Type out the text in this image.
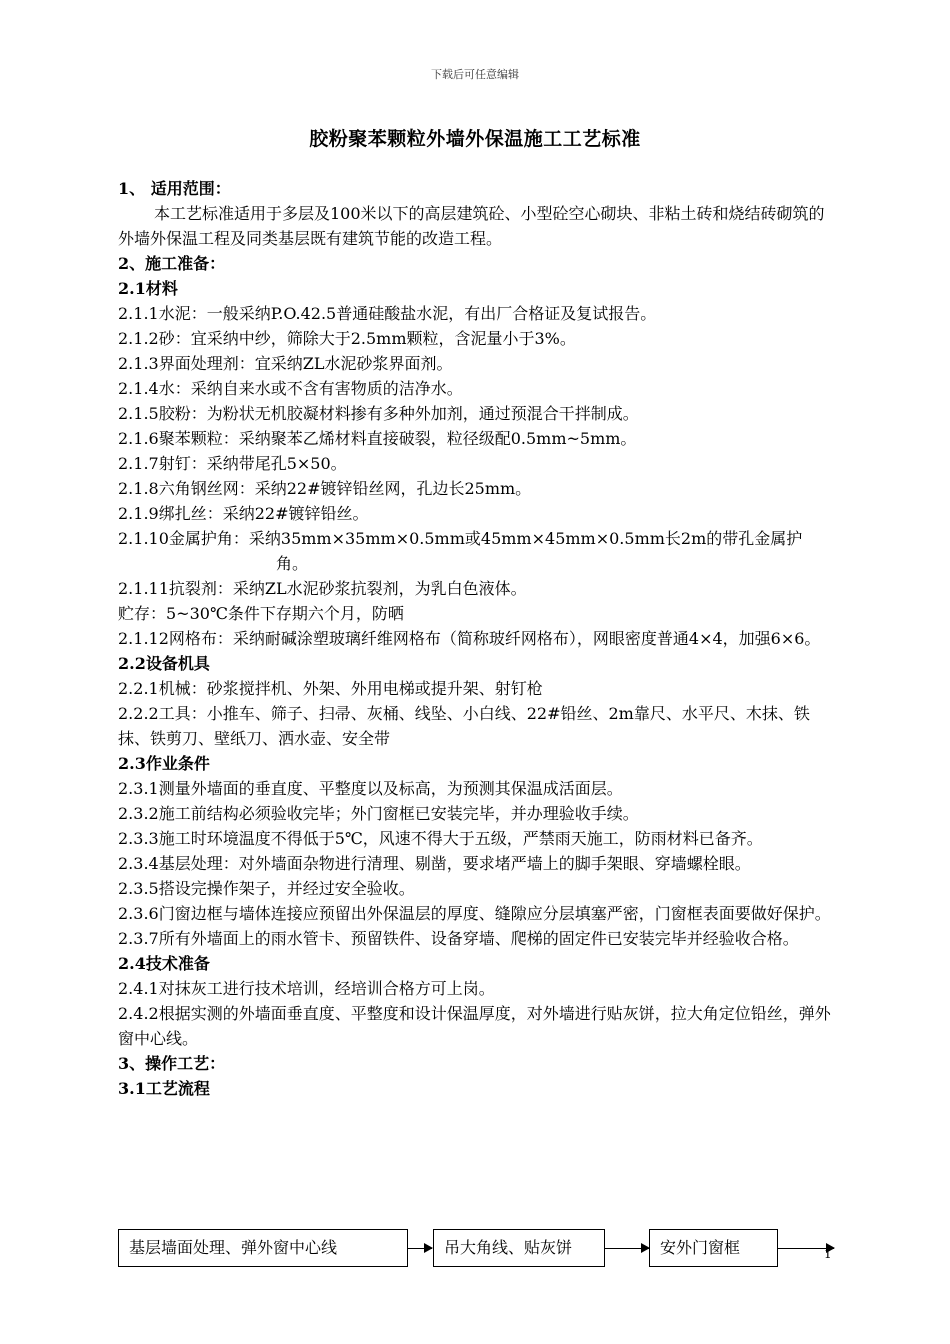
下载后可任意编辑
胶粉聚苯颗粒外墙外保温施工工艺标准

1、 适用范围：

本工艺标准适用于多层及100米以下的高层建筑砼、小型砼空心砌块、非粘土砖和烧结砖砌筑的外墙外保温工程及同类基层既有建筑节能的改造工程。

2、施工准备：

2.1材料

2.1.1水泥：一般采纳P.O.42.5普通硅酸盐水泥，有出厂合格证及复试报告。

2.1.2砂：宜采纳中纱，筛除大于2.5mm颗粒，含泥量小于3%。

2.1.3界面处理剂：宜采纳ZL水泥砂浆界面剂。

2.1.4水：采纳自来水或不含有害物质的洁净水。

2.1.5胶粉：为粉状无机胶凝材料掺有多种外加剂，通过预混合干拌制成。

2.1.6聚苯颗粒：采纳聚苯乙烯材料直接破裂，粒径级配0.5mm~5mm。

2.1.7射钉：采纳带尾孔5×50。

2.1.8六角钢丝网：采纳22#镀锌铅丝网，孔边长25mm。

2.1.9绑扎丝：采纳22#镀锌铅丝。

2.1.10金属护角：采纳35mm×35mm×0.5mm或45mm×45mm×0.5mm长2m的带孔金属护角。

2.1.11抗裂剂：采纳ZL水泥砂浆抗裂剂，为乳白色液体。

贮存：5~30℃条件下存期六个月，防晒

2.1.12网格布：采纳耐碱涂塑玻璃纤维网格布（简称玻纤网格布），网眼密度普通4×4，加强6×6。

2.2设备机具

2.2.1机械：砂浆搅拌机、外架、外用电梯或提升架、射钉枪

2.2.2工具：小推车、筛子、扫帚、灰桶、线坠、小白线、22#铅丝、2m靠尺、水平尺、木抹、铁抹、铁剪刀、壁纸刀、洒水壶、安全带

2.3作业条件

2.3.1测量外墙面的垂直度、平整度以及标高，为预测其保温成活面层。

2.3.2施工前结构必须验收完毕；外门窗框已安装完毕，并办理验收手续。

2.3.3施工时环境温度不得低于5℃，风速不得大于五级，严禁雨天施工，防雨材料已备齐。

2.3.4基层处理：对外墙面杂物进行清理、剔凿，要求堵严墙上的脚手架眼、穿墙螺栓眼。

2.3.5搭设完操作架子，并经过安全验收。

2.3.6门窗边框与墙体连接应预留出外保温层的厚度、缝隙应分层填塞严密，门窗框表面要做好保护。

2.3.7所有外墙面上的雨水管卡、预留铁件、设备穿墙、爬梯的固定件已安装完毕并经验收合格。

2.4技术准备

2.4.1对抹灰工进行技术培训，经培训合格方可上岗。

2.4.2根据实测的外墙面垂直度、平整度和设计保温厚度，对外墙进行贴灰饼，拉大角定位铅丝，弹外窗中心线。

3、操作工艺：

3.1工艺流程

基层墙面处理、弹外窗中心线	吊大角线、贴灰饼	安外门窗框	1
